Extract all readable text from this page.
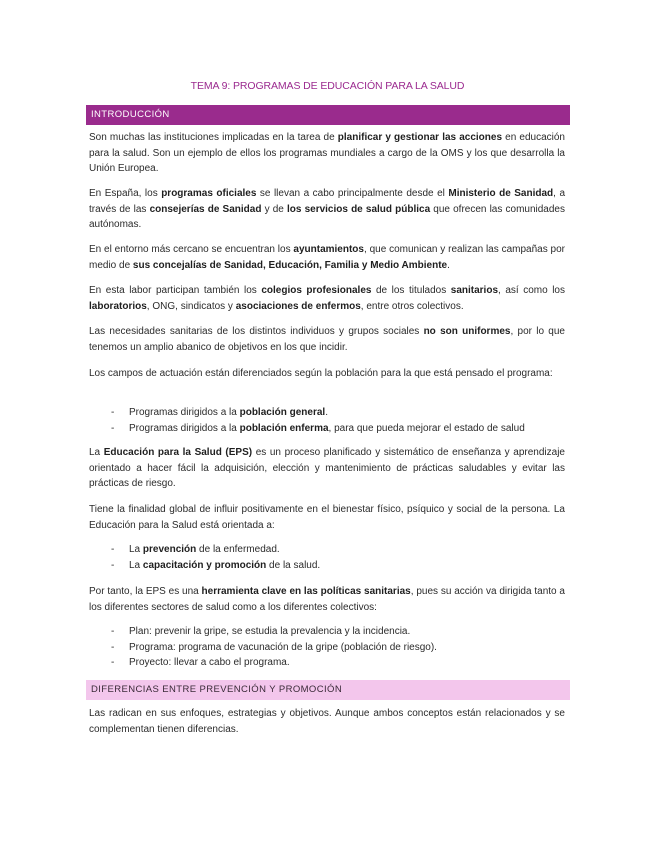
TEMA 9: PROGRAMAS DE EDUCACIÓN PARA LA SALUD
INTRODUCCIÓN

Son muchas las instituciones implicadas en la tarea de planificar y gestionar las acciones en educación para la salud. Son un ejemplo de ellos los programas mundiales a cargo de la OMS y los que desarrolla la Unión Europea.

En España, los programas oficiales se llevan a cabo principalmente desde el Ministerio de Sanidad, a través de las consejerías de Sanidad y de los servicios de salud pública que ofrecen las comunidades autónomas.

En el entorno más cercano se encuentran los ayuntamientos, que comunican y realizan las campañas por medio de sus concejalías de Sanidad, Educación, Familia y Medio Ambiente.

En esta labor participan también los colegios profesionales de los titulados sanitarios, así como los laboratorios, ONG, sindicatos y asociaciones de enfermos, entre otros colectivos.

Las necesidades sanitarias de los distintos individuos y grupos sociales no son uniformes, por lo que tenemos un amplio abanico de objetivos en los que incidir.

Los campos de actuación están diferenciados según la población para la que está pensado el programa:

- Programas dirigidos a la población general.
- Programas dirigidos a la población enferma, para que pueda mejorar el estado de salud

La Educación para la Salud (EPS) es un proceso planificado y sistemático de enseñanza y aprendizaje orientado a hacer fácil la adquisición, elección y mantenimiento de prácticas saludables y evitar las prácticas de riesgo.

Tiene la finalidad global de influir positivamente en el bienestar físico, psíquico y social de la persona. La Educación para la Salud está orientada a:

- La prevención de la enfermedad.
- La capacitación y promoción de la salud.

Por tanto, la EPS es una herramienta clave en las políticas sanitarias, pues su acción va dirigida tanto a los diferentes sectores de salud como a los diferentes colectivos:

- Plan: prevenir la gripe, se estudia la prevalencia y la incidencia.
- Programa: programa de vacunación de la gripe (población de riesgo).
- Proyecto: llevar a cabo el programa.
DIFERENCIAS ENTRE PREVENCIÓN Y PROMOCIÓN

Las radican en sus enfoques, estrategias y objetivos. Aunque ambos conceptos están relacionados y se complementan tienen diferencias.
